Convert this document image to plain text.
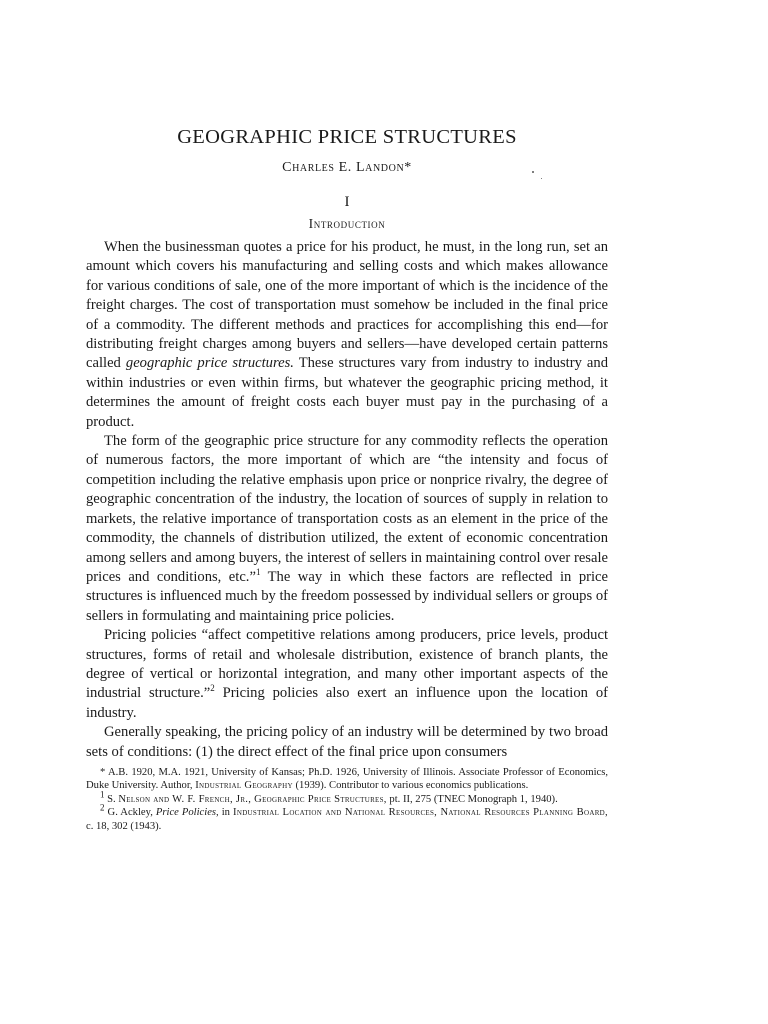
GEOGRAPHIC PRICE STRUCTURES
Charles E. Landon*
I
Introduction

When the businessman quotes a price for his product, he must, in the long run, set an amount which covers his manufacturing and selling costs and which makes allowance for various conditions of sale, one of the more important of which is the incidence of the freight charges. The cost of transportation must somehow be included in the final price of a commodity. The different methods and practices for accomplishing this end—for distributing freight charges among buyers and sellers—have developed certain patterns called geographic price structures. These structures vary from industry to industry and within industries or even within firms, but whatever the geographic pricing method, it determines the amount of freight costs each buyer must pay in the purchasing of a product.

The form of the geographic price structure for any commodity reflects the operation of numerous factors, the more important of which are “the intensity and focus of competition including the relative emphasis upon price or nonprice rivalry, the degree of geographic concentration of the industry, the location of sources of supply in relation to markets, the relative importance of transportation costs as an element in the price of the commodity, the channels of distribution utilized, the extent of economic concentration among sellers and among buyers, the interest of sellers in maintaining control over resale prices and conditions, etc.”$^1$ The way in which these factors are reflected in price structures is influenced much by the freedom possessed by individual sellers or groups of sellers in formulating and maintaining price policies.

Pricing policies “affect competitive relations among producers, price levels, product structures, forms of retail and wholesale distribution, existence of branch plants, the degree of vertical or horizontal integration, and many other important aspects of the industrial structure.”$^2$ Pricing policies also exert an influence upon the location of industry.

Generally speaking, the pricing policy of an industry will be determined by two broad sets of conditions: (1) the direct effect of the final price upon consumers

* A.B. 1920, M.A. 1921, University of Kansas; Ph.D. 1926, University of Illinois. Associate Professor of Economics, Duke University. Author, Industrial Geography (1939). Contributor to various economics publications.

$^1$ S. Nelson and W. F. French, Jr., Geographic Price Structures, pt. II, 275 (TNEC Monograph 1, 1940).

$^2$ G. Ackley, Price Policies, in Industrial Location and National Resources, National Resources Planning Board, c. 18, 302 (1943).
